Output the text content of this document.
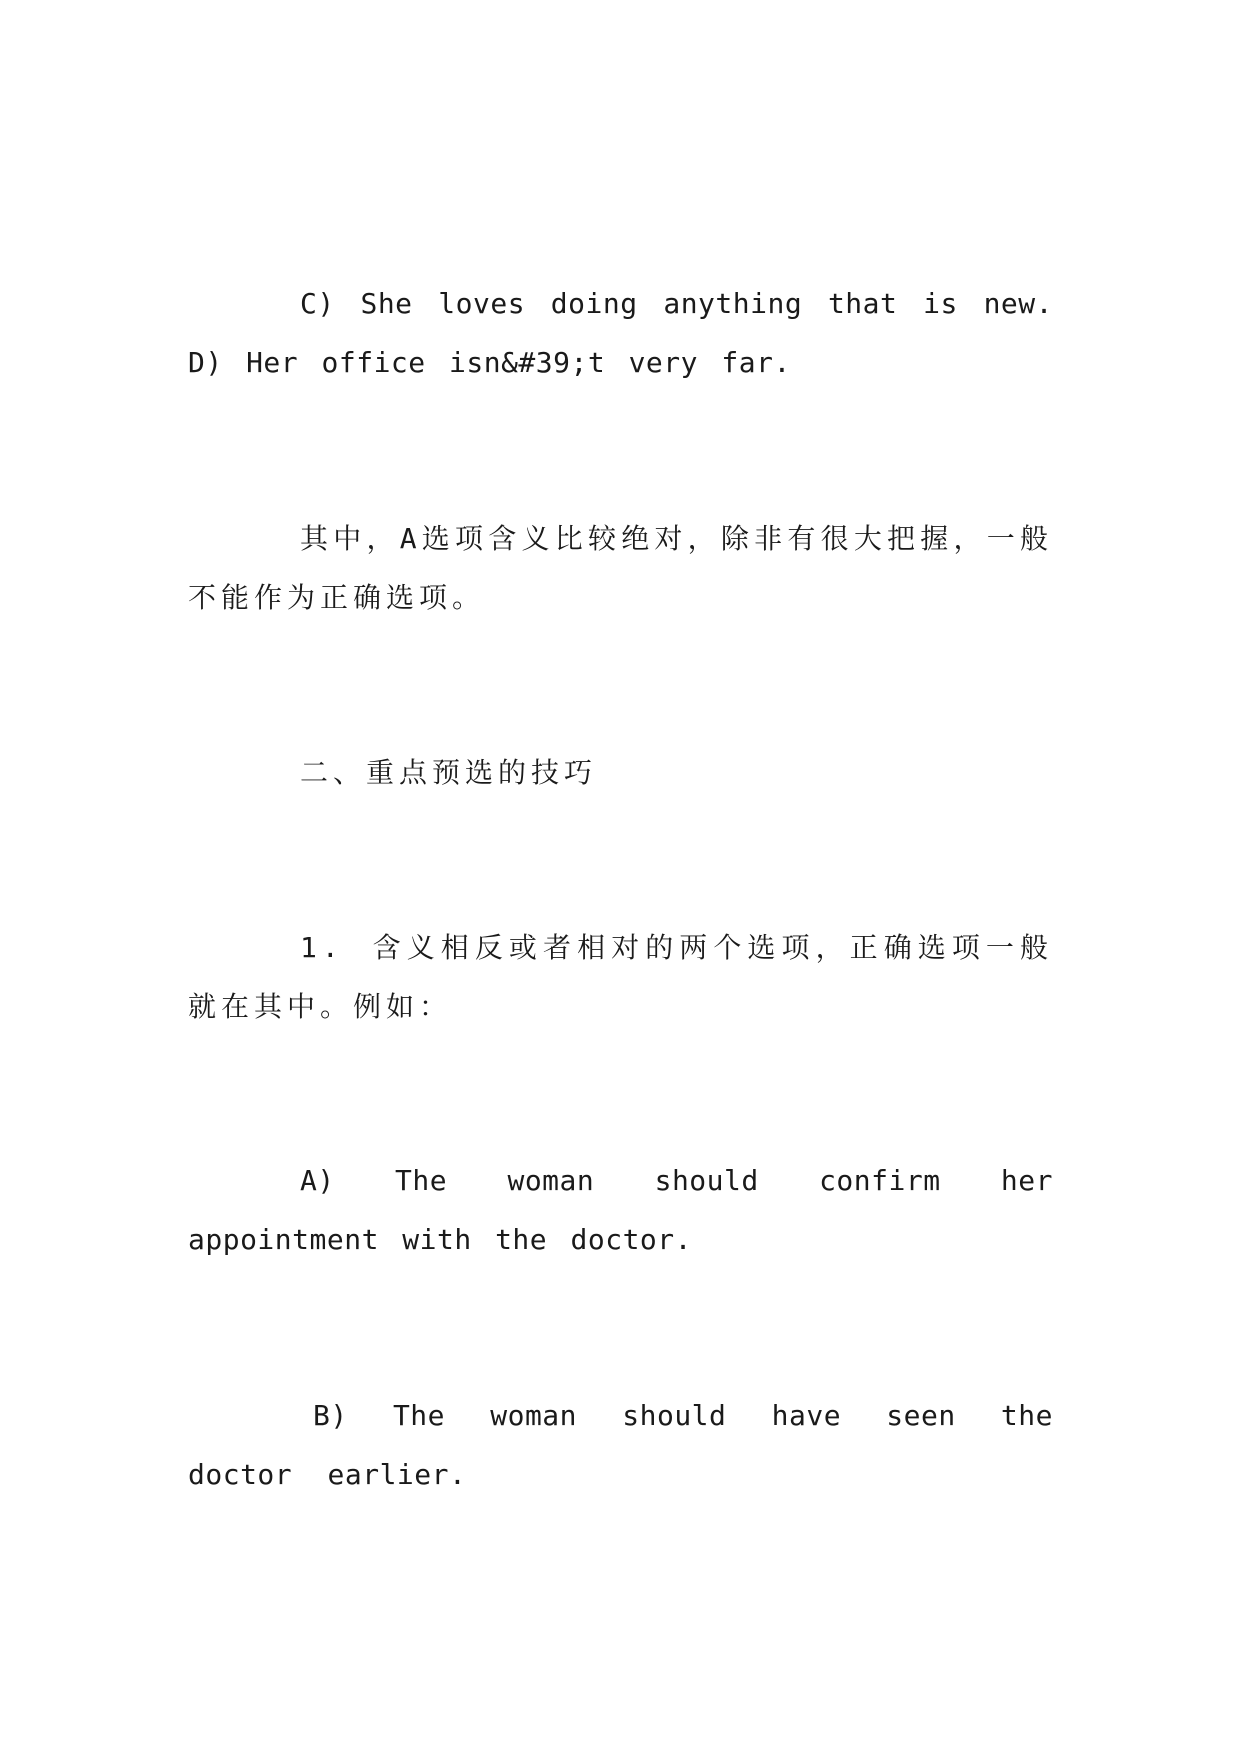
C) She loves doing anything that is new. D) Her office isn&#39;t very far.

其中，A选项含义比较绝对，除非有很大把握，一般不能作为正确选项。

二、重点预选的技巧

1. 含义相反或者相对的两个选项，正确选项一般就在其中。例如：

A) The woman should confirm her appointment with the doctor.

B) The woman should have seen the doctor earlier.
